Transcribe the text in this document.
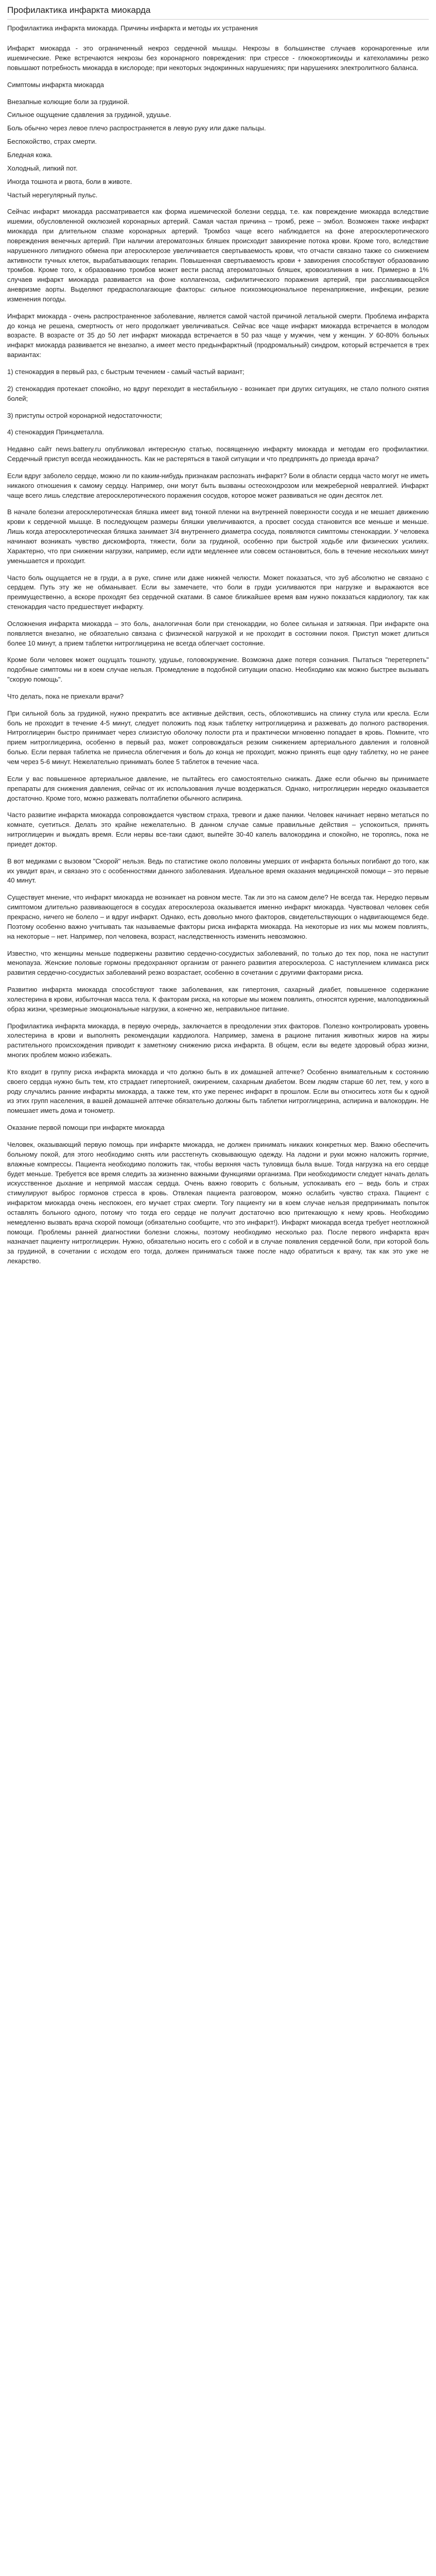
Профилактика инфаркта миокарда
Профилактика инфаркта миокарда. Причины инфаркта и методы их устранения

Инфаркт миокарда - это ограниченный некроз сердечной мышцы. Некрозы в большинстве случаев коронарогенные или ишемические. Реже встречаются некрозы без коронарного повреждения: при стрессе - глюкокортикоиды и катехоламины резко повышают потребность миокарда в кислороде; при некоторых эндокринных нарушениях; при нарушениях электролитного баланса.

Симптомы инфаркта миокарда

Внезапные колющие боли за грудиной.
Сильное ощущение сдавления за грудиной, удушье.
Боль обычно через левое плечо распространяется в левую руку или даже пальцы.
Беспокойство, страх смерти.
Бледная кожа.
Холодный, липкий пот.
Иногда тошнота и рвота, боли в животе.
Частый нерегулярный пульс.

Сейчас инфаркт миокарда рассматривается как форма ишемической болезни сердца, т.е. как повреждение миокарда вследствие ишемии, обусловленной окклюзией коронарных артерий. Самая частая причина – тромб, реже – эмбол. Возможен также инфаркт миокарда при длительном спазме коронарных артерий. Тромбоз чаще всего наблюдается на фоне атеросклеротического повреждения венечных артерий. При наличии атероматозных бляшек происходит завихрение потока крови. Кроме того, вследствие нарушенного липидного обмена при атеросклерозе увеличивается свертываемость крови, что отчасти связано также со снижением активности тучных клеток, вырабатывающих гепарин. Повышенная свертываемость крови + завихрения способствуют образованию тромбов. Кроме того, к образованию тромбов может вести распад атероматозных бляшек, кровоизлияния в них. Примерно в 1% случаев инфаркт миокарда развивается на фоне коллагеноза, сифилитического поражения артерий, при расслаивающейся аневризме аорты. Выделяют предрасполагающие факторы: сильное психоэмоциональное перенапряжение, инфекции, резкие изменения погоды.

Инфаркт миокарда - очень распространенное заболевание, является самой частой причиной летальной смерти. Проблема инфаркта до конца не решена, смертность от него продолжает увеличиваться. Сейчас все чаще инфаркт миокарда встречается в молодом возрасте. В возрасте от 35 до 50 лет инфаркт миокарда встречается в 50 раз чаще у мужчин, чем у женщин. У 60-80% больных инфаркт миокарда развивается не внезапно, а имеет место предынфарктный (продромальный) синдром, который встречается в трех вариантах:

1) стенокардия в первый раз, с быстрым течением - самый частый вариант;

2) стенокардия протекает спокойно, но вдруг переходит в нестабильную - возникает при других ситуациях, не стало полного снятия болей;

3) приступы острой коронарной недостаточности;

4) стенокардия Принцметалла.

Недавно сайт news.battery.ru опубликовал интересную статью, посвященную инфаркту миокарда и методам его профилактики. Сердечный приступ всегда неожиданность. Как не растеряться в такой ситуации и что предпринять до приезда врача?

Если вдруг заболело сердце, можно ли по каким-нибудь признакам распознать инфаркт? Боли в области сердца часто могут не иметь никакого отношения к самому сердцу. Например, они могут быть вызваны остеохондрозом или межреберной невралгией. Инфаркт чаще всего лишь следствие атеросклеротического поражения сосудов, которое может развиваться не один десяток лет.

В начале болезни атеросклеротическая бляшка имеет вид тонкой пленки на внутренней поверхности сосуда и не мешает движению крови к сердечной мышце. В последующем размеры бляшки увеличиваются, а просвет сосуда становится все меньше и меньше. Лишь когда атеросклеротическая бляшка занимает 3/4 внутреннего диаметра сосуда, появляются симптомы стенокардии. У человека начинают возникать чувство дискомфорта, тяжести, боли за грудиной, особенно при быстрой ходьбе или физических усилиях. Характерно, что при снижении нагрузки, например, если идти медленнее или совсем остановиться, боль в течение нескольких минут уменьшается и проходит.

Часто боль ощущается не в груди, а в руке, спине или даже нижней челюсти. Может показаться, что зуб абсолютно не связано с сердцем. Путь эту же не обманывает. Если вы замечаете, что боли в груди усиливаются при нагрузке и выражаются все преимущественно, а вскоре проходят без сердечной скатами. В самое ближайшее время вам нужно показаться кардиологу, так как стенокардия часто предшествует инфаркту.

Осложнения инфаркта миокарда – это боль, аналогичная боли при стенокардии, но более сильная и затяжная. При инфаркте она появляется внезапно, не обязательно связана с физической нагрузкой и не проходит в состоянии покоя. Приступ может длиться более 10 минут, а прием таблетки нитроглицерина не всегда облегчает состояние.

Кроме боли человек может ощущать тошноту, удушье, головокружение. Возможна даже потеря сознания. Пытаться "перетерпеть" подобные симптомы ни в коем случае нельзя. Промедление в подобной ситуации опасно. Необходимо как можно быстрее вызывать "скорую помощь".

Что делать, пока не приехали врачи?

При сильной боль за грудиной, нужно прекратить все активные действия, сесть, облокотившись на спинку стула или кресла. Если боль не проходит в течение 4-5 минут, следует положить под язык таблетку нитроглицерина и разжевать до полного растворения. Нитроглицерин быстро принимает через слизистую оболочку полости рта и практически мгновенно попадает в кровь. Помните, что прием нитроглицерина, особенно в первый раз, может сопровождаться резким снижением артериального давления и головной болью. Если первая таблетка не принесла облегчения и боль до конца не проходит, можно принять еще одну таблетку, но не ранее чем через 5-6 минут. Нежелательно принимать более 5 таблеток в течение часа.

Если у вас повышенное артериальное давление, не пытайтесь его самостоятельно снижать. Даже если обычно вы принимаете препараты для снижения давления, сейчас от их использования лучше воздержаться. Однако, нитроглицерин нередко оказывается достаточно. Кроме того, можно разжевать полтаблетки обычного аспирина.

Часто развитие инфаркта миокарда сопровождается чувством страха, тревоги и даже паники. Человек начинает нервно метаться по комнате, суетиться. Делать это крайне нежелательно. В данном случае самые правильные действия – успокоиться, принять нитроглицерин и выждать время. Если нервы все-таки сдают, выпейте 30-40 капель валокордина и спокойно, не торопясь, пока не приедет доктор.

В вот медиками с вызовом "Скорой" нельзя. Ведь по статистике около половины умерших от инфаркта больных погибают до того, как их увидит врач, и связано это с особенностями данного заболевания. Идеальное время оказания медицинской помощи – это первые 40 минут.

Существует мнение, что инфаркт миокарда не возникает на ровном месте. Так ли это на самом деле? Не всегда так. Нередко первым симптомом длительно развивающегося в сосудах атеросклероза оказывается именно инфаркт миокарда. Чувствовал человек себя прекрасно, ничего не болело – и вдруг инфаркт. Однако, есть довольно много факторов, свидетельствующих о надвигающемся беде. Поэтому особенно важно учитывать так называемые факторы риска инфаркта миокарда. На некоторые из них мы можем повлиять, на некоторые – нет. Например, пол человека, возраст, наследственность изменить невозможно.

Известно, что женщины меньше подвержены развитию сердечно-сосудистых заболеваний, по только до тех пор, пока не наступит менопауза. Женские половые гормоны предохраняют организм от раннего развития атеросклероза. С наступлением климакса риск развития сердечно-сосудистых заболеваний резко возрастает, особенно в сочетании с другими факторами риска.

Развитию инфаркта миокарда способствуют также заболевания, как гипертония, сахарный диабет, повышенное содержание холестерина в крови, избыточная масса тела. К факторам риска, на которые мы можем повлиять, относятся курение, малоподвижный образ жизни, чрезмерные эмоциональные нагрузки, а конечно же, неправильное питание.

Профилактика инфаркта миокарда, в первую очередь, заключается в преодолении этих факторов. Полезно контролировать уровень холестерина в крови и выполнять рекомендации кардиолога. Например, замена в рационе питания животных жиров на жиры растительного происхождения приводит к заметному снижению риска инфаркта. В общем, если вы ведете здоровый образ жизни, многих проблем можно избежать.

Кто входит в группу риска инфаркта миокарда и что должно быть в их домашней аптечке? Особенно внимательным к состоянию своего сердца нужно быть тем, кто страдает гипертонией, ожирением, сахарным диабетом. Всем людям старше 60 лет, тем, у кого в роду случались ранние инфаркты миокарда, а также тем, кто уже перенес инфаркт в прошлом. Если вы относитесь хотя бы к одной из этих групп населения, в вашей домашней аптечке обязательно должны быть таблетки нитроглицерина, аспирина и валокордин. Не помешает иметь дома и тонометр.

Оказание первой помощи при инфаркте миокарда

Человек, оказывающий первую помощь при инфаркте миокарда, не должен принимать никаких конкретных мер. Важно обеспечить больному покой, для этого необходимо снять или расстегнуть сковывающую одежду. На ладони и руки можно наложить горячие, влажные компрессы. Пациента необходимо положить так, чтобы верхняя часть туловища была выше. Тогда нагрузка на его сердце будет меньше. Требуется все время следить за жизненно важными функциями организма. При необходимости следует начать делать искусственное дыхание и непрямой массаж сердца. Очень важно говорить с больным, успокаивать его – ведь боль и страх стимулируют выброс гормонов стресса в кровь. Отвлекая пациента разговором, можно ослабить чувство страха. Пациент с инфарктом миокарда очень неспокоен, его мучает страх смерти. Тогу пациенту ни в коем случае нельзя предпринимать попыток оставлять больного одного, потому что тогда его сердце не получит достаточно всю притекающую к нему кровь. Необходимо немедленно вызвать врача скорой помощи (обязательно сообщите, что это инфаркт!). Инфаркт миокарда всегда требует неотложной помощи. Проблемы ранней диагностики болезни сложны, поэтому необходимо несколько раз. После первого инфаркта врач назначает пациенту нитроглицерин. Нужно, обязательно носить его с собой и в случае появления сердечной боли, при которой боль за грудиной, в сочетании с исходом его тогда, должен приниматься также после надо обратиться к врачу, так как это уже не лекарство.
